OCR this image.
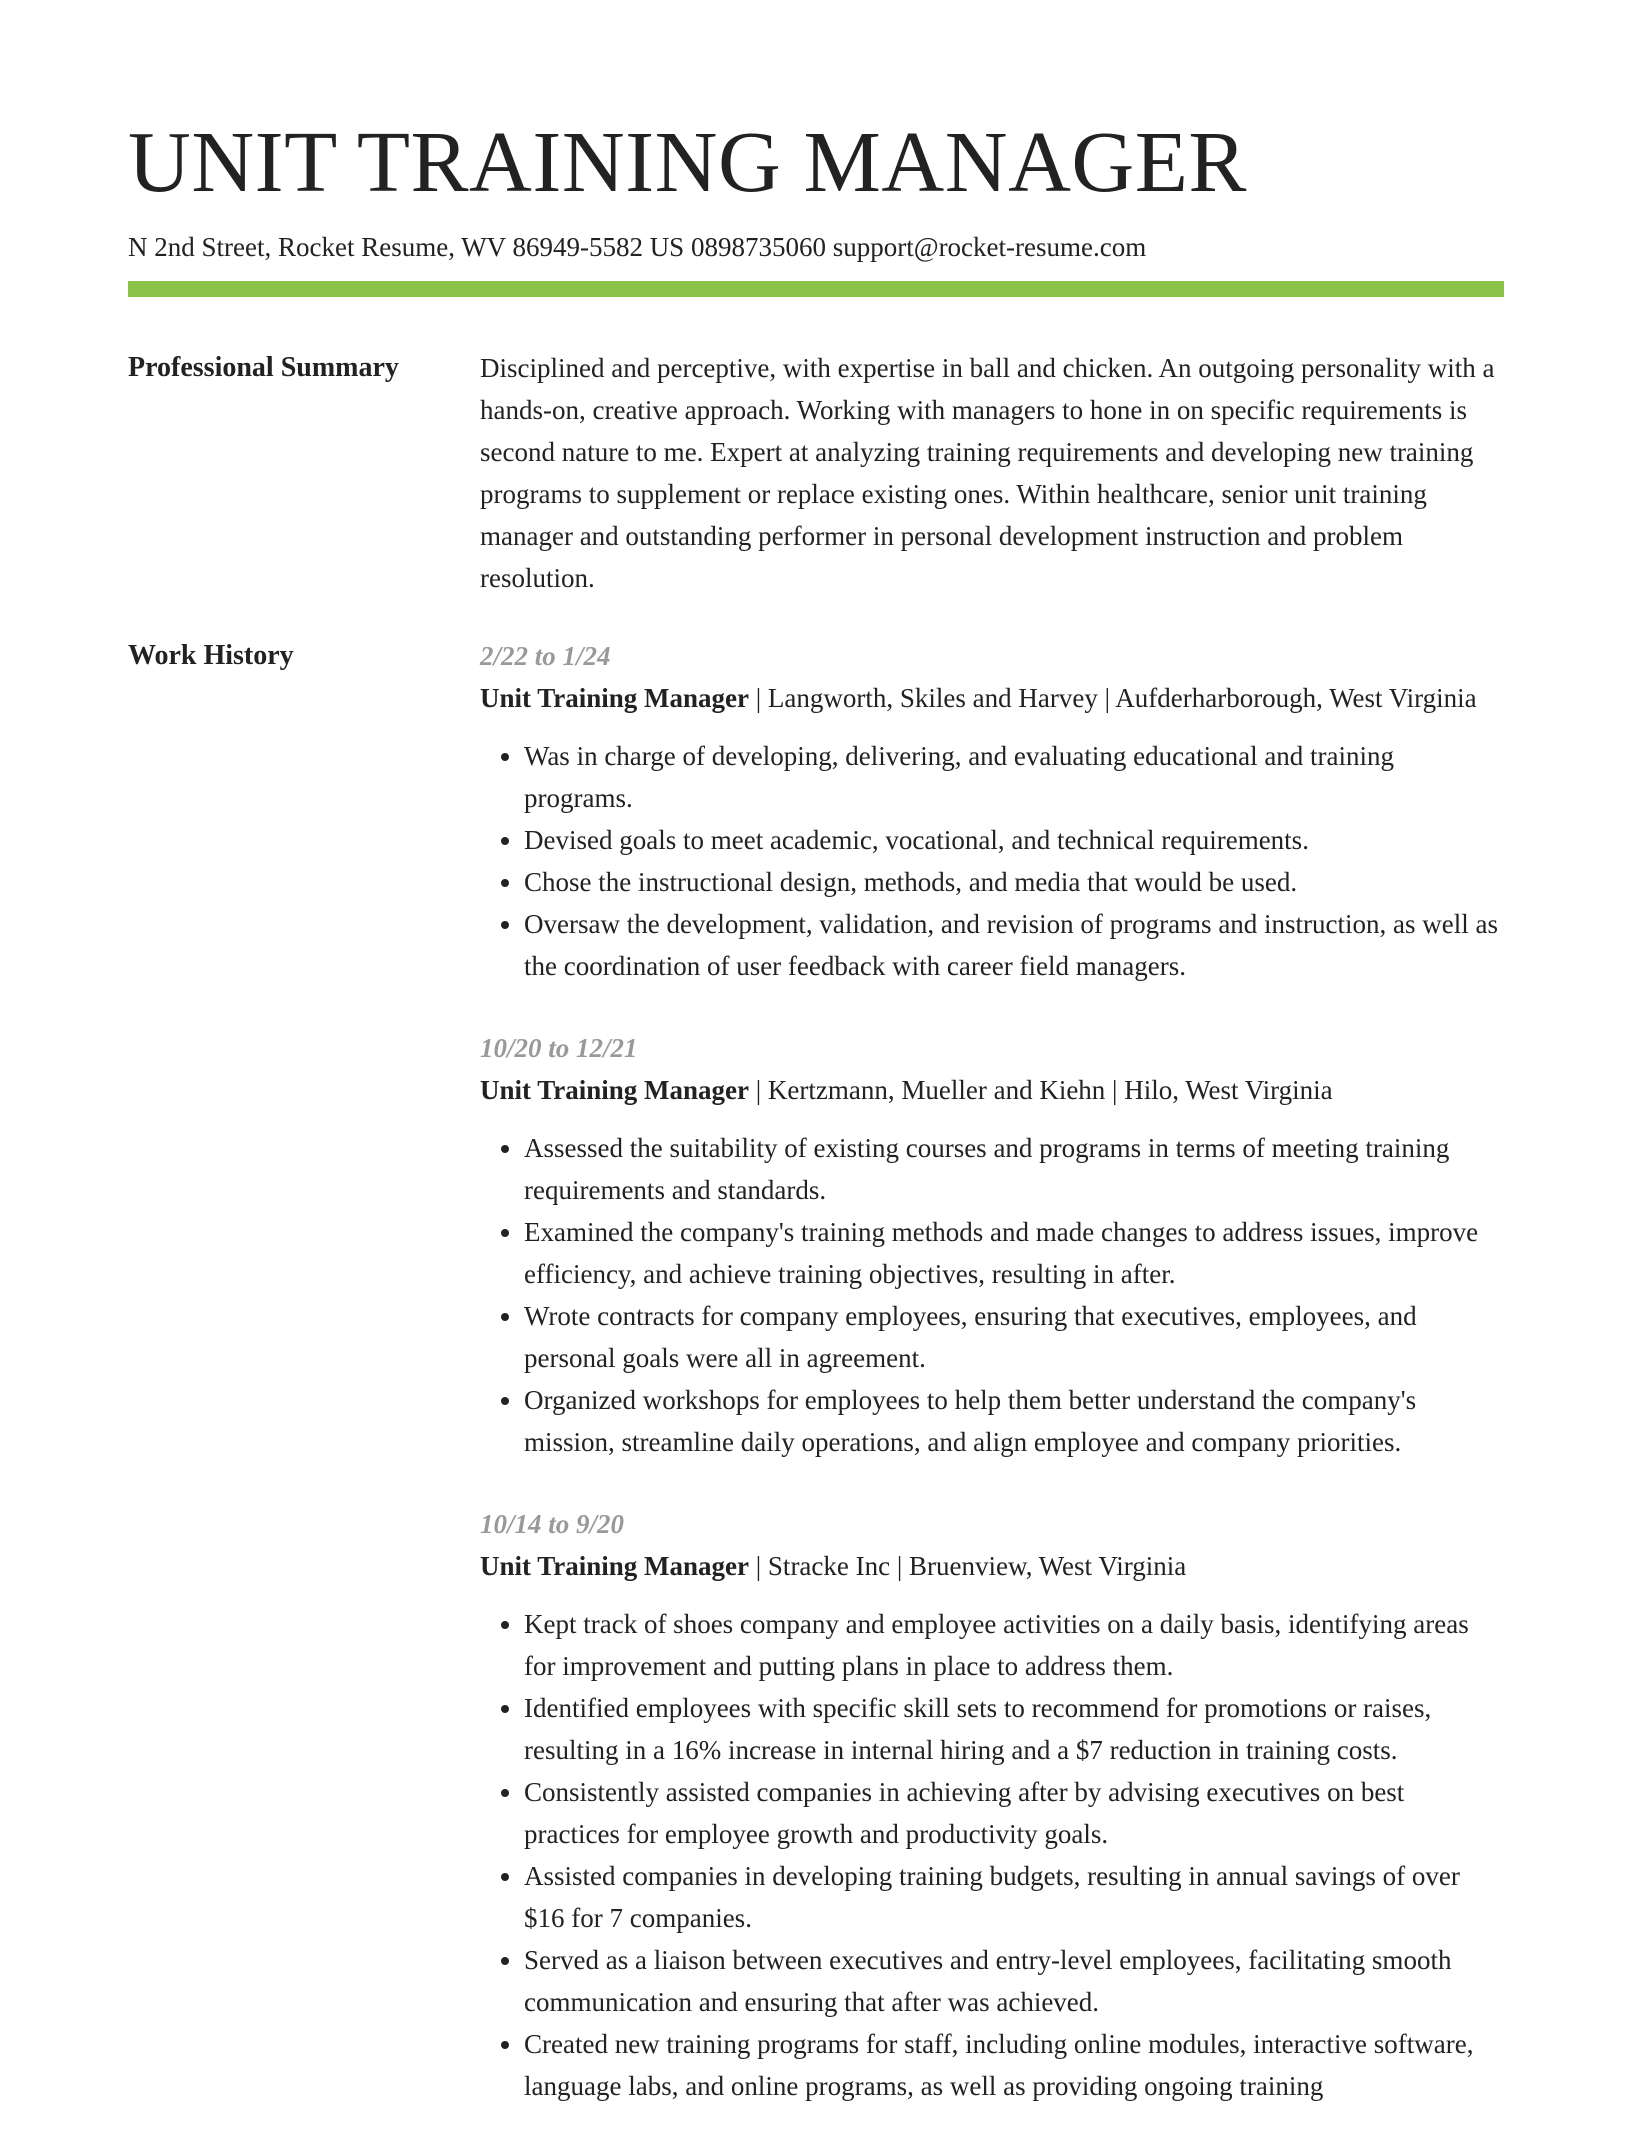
UNIT TRAINING MANAGER
N 2nd Street, Rocket Resume, WV 86949-5582 US 0898735060 support@rocket-resume.com
Professional Summary	Disciplined and perceptive, with expertise in ball and chicken. An outgoing personality with a hands-on, creative approach. Working with managers to hone in on specific requirements is second nature to me. Expert at analyzing training requirements and developing new training programs to supplement or replace existing ones. Within healthcare, senior unit training manager and outstanding performer in personal development instruction and problem resolution.

Work History	2/22 to 1/24
Unit Training Manager | Langworth, Skiles and Harvey | Aufderharborough, West Virginia
• Was in charge of developing, delivering, and evaluating educational and training programs.
• Devised goals to meet academic, vocational, and technical requirements.
• Chose the instructional design, methods, and media that would be used.
• Oversaw the development, validation, and revision of programs and instruction, as well as the coordination of user feedback with career field managers.
10/20 to 12/21
Unit Training Manager | Kertzmann, Mueller and Kiehn | Hilo, West Virginia
• Assessed the suitability of existing courses and programs in terms of meeting training requirements and standards.
• Examined the company's training methods and made changes to address issues, improve efficiency, and achieve training objectives, resulting in after.
• Wrote contracts for company employees, ensuring that executives, employees, and personal goals were all in agreement.
• Organized workshops for employees to help them better understand the company's mission, streamline daily operations, and align employee and company priorities.
10/14 to 9/20
Unit Training Manager | Stracke Inc | Bruenview, West Virginia
• Kept track of shoes company and employee activities on a daily basis, identifying areas for improvement and putting plans in place to address them.
• Identified employees with specific skill sets to recommend for promotions or raises, resulting in a 16% increase in internal hiring and a $7 reduction in training costs.
• Consistently assisted companies in achieving after by advising executives on best practices for employee growth and productivity goals.
• Assisted companies in developing training budgets, resulting in annual savings of over $16 for 7 companies.
• Served as a liaison between executives and entry-level employees, facilitating smooth communication and ensuring that after was achieved.
• Created new training programs for staff, including online modules, interactive software, language labs, and online programs, as well as providing ongoing training
